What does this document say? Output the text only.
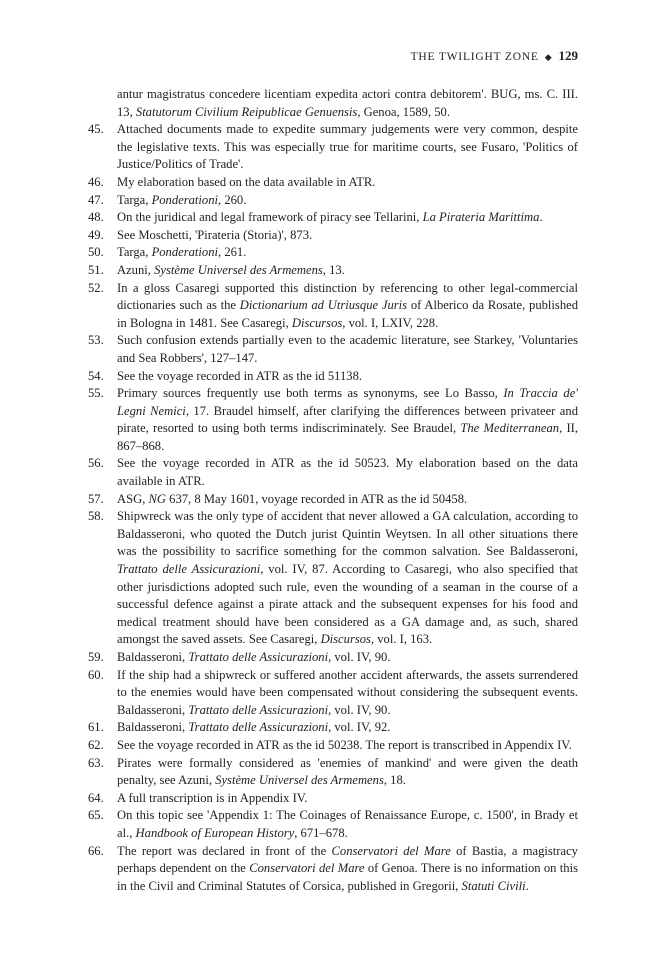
THE TWILIGHT ZONE ◆ 129
antur magistratus concedere licentiam expedita actori contra debitorem'. BUG, ms. C. III. 13, Statutorum Civilium Reipublicae Genuensis, Genoa, 1589, 50.
45. Attached documents made to expedite summary judgements were very common, despite the legislative texts. This was especially true for maritime courts, see Fusaro, 'Politics of Justice/Politics of Trade'.
46. My elaboration based on the data available in ATR.
47. Targa, Ponderationi, 260.
48. On the juridical and legal framework of piracy see Tellarini, La Pirateria Marittima.
49. See Moschetti, 'Pirateria (Storia)', 873.
50. Targa, Ponderationi, 261.
51. Azuni, Système Universel des Armemens, 13.
52. In a gloss Casaregi supported this distinction by referencing to other legal-commercial dictionaries such as the Dictionarium ad Utriusque Juris of Alberico da Rosate, published in Bologna in 1481. See Casaregi, Discursos, vol. I, LXIV, 228.
53. Such confusion extends partially even to the academic literature, see Starkey, 'Voluntaries and Sea Robbers', 127–147.
54. See the voyage recorded in ATR as the id 51138.
55. Primary sources frequently use both terms as synonyms, see Lo Basso, In Traccia de' Legni Nemici, 17. Braudel himself, after clarifying the differences between privateer and pirate, resorted to using both terms indiscriminately. See Braudel, The Mediterranean, II, 867–868.
56. See the voyage recorded in ATR as the id 50523. My elaboration based on the data available in ATR.
57. ASG, NG 637, 8 May 1601, voyage recorded in ATR as the id 50458.
58. Shipwreck was the only type of accident that never allowed a GA calculation, according to Baldasseroni, who quoted the Dutch jurist Quintin Weytsen. In all other situations there was the possibility to sacrifice something for the common salvation. See Baldasseroni, Trattato delle Assicurazioni, vol. IV, 87. According to Casaregi, who also specified that other jurisdictions adopted such rule, even the wounding of a seaman in the course of a successful defence against a pirate attack and the subsequent expenses for his food and medical treatment should have been considered as a GA damage and, as such, shared amongst the saved assets. See Casaregi, Discursos, vol. I, 163.
59. Baldasseroni, Trattato delle Assicurazioni, vol. IV, 90.
60. If the ship had a shipwreck or suffered another accident afterwards, the assets surrendered to the enemies would have been compensated without considering the subsequent events. Baldasseroni, Trattato delle Assicurazioni, vol. IV, 90.
61. Baldasseroni, Trattato delle Assicurazioni, vol. IV, 92.
62. See the voyage recorded in ATR as the id 50238. The report is transcribed in Appendix IV.
63. Pirates were formally considered as 'enemies of mankind' and were given the death penalty, see Azuni, Système Universel des Armemens, 18.
64. A full transcription is in Appendix IV.
65. On this topic see 'Appendix 1: The Coinages of Renaissance Europe, c. 1500', in Brady et al., Handbook of European History, 671–678.
66. The report was declared in front of the Conservatori del Mare of Bastia, a magistracy perhaps dependent on the Conservatori del Mare of Genoa. There is no information on this in the Civil and Criminal Statutes of Corsica, published in Gregorii, Statuti Civili.
